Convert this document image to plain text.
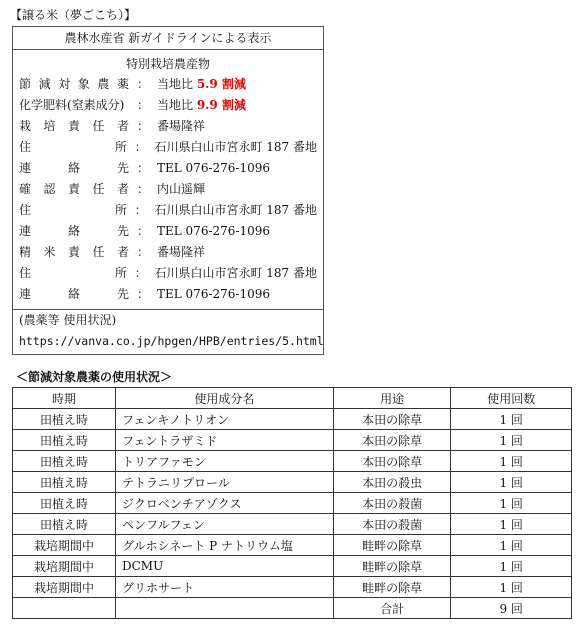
【譲る米（夢ごこち）】
農林水産省 新ガイドラインによる表示
特別栽培農産物
節 減 対 象 農 薬 ： 当地比 5.9 割減
化学肥料(窒素成分)	： 当地比 9.9 割減
栽 培 責 任 者 ： 番場隆祥
住	所 ： 石川県白山市宮永町 187 番地
連	絡	先 ： TEL 076-276-1096
確 認 責 任 者 ： 内山遥輝
住	所 ： 石川県白山市宮永町 187 番地
連	絡	先 ： TEL 076-276-1096
精 米 責 任 者 ： 番場隆祥
住	所 ： 石川県白山市宮永町 187 番地
連	絡	先 ： TEL 076-276-1096
(農薬等 使用状況)
https://vanva.co.jp/hpgen/HPB/entries/5.html
＜節減対象農薬の使用状況＞
時期	使用成分名	用途	使用回数
田植え時	フェンキノトリオン	本田の除草	1 回
田植え時	フェントラザミド	本田の除草	1 回
田植え時	トリアファモン	本田の除草	1 回
田植え時	テトラニリプロール	本田の殺虫	1 回
田植え時	ジクロベンチアゾクス	本田の殺菌	1 回
田植え時	ペンフルフェン	本田の殺菌	1 回
栽培期間中	グルホシネート P ナトリウム塩	畦畔の除草	1 回
栽培期間中	DCMU	畦畔の除草	1 回
栽培期間中	グリホサート	畦畔の除草	1 回
		合計	9 回
